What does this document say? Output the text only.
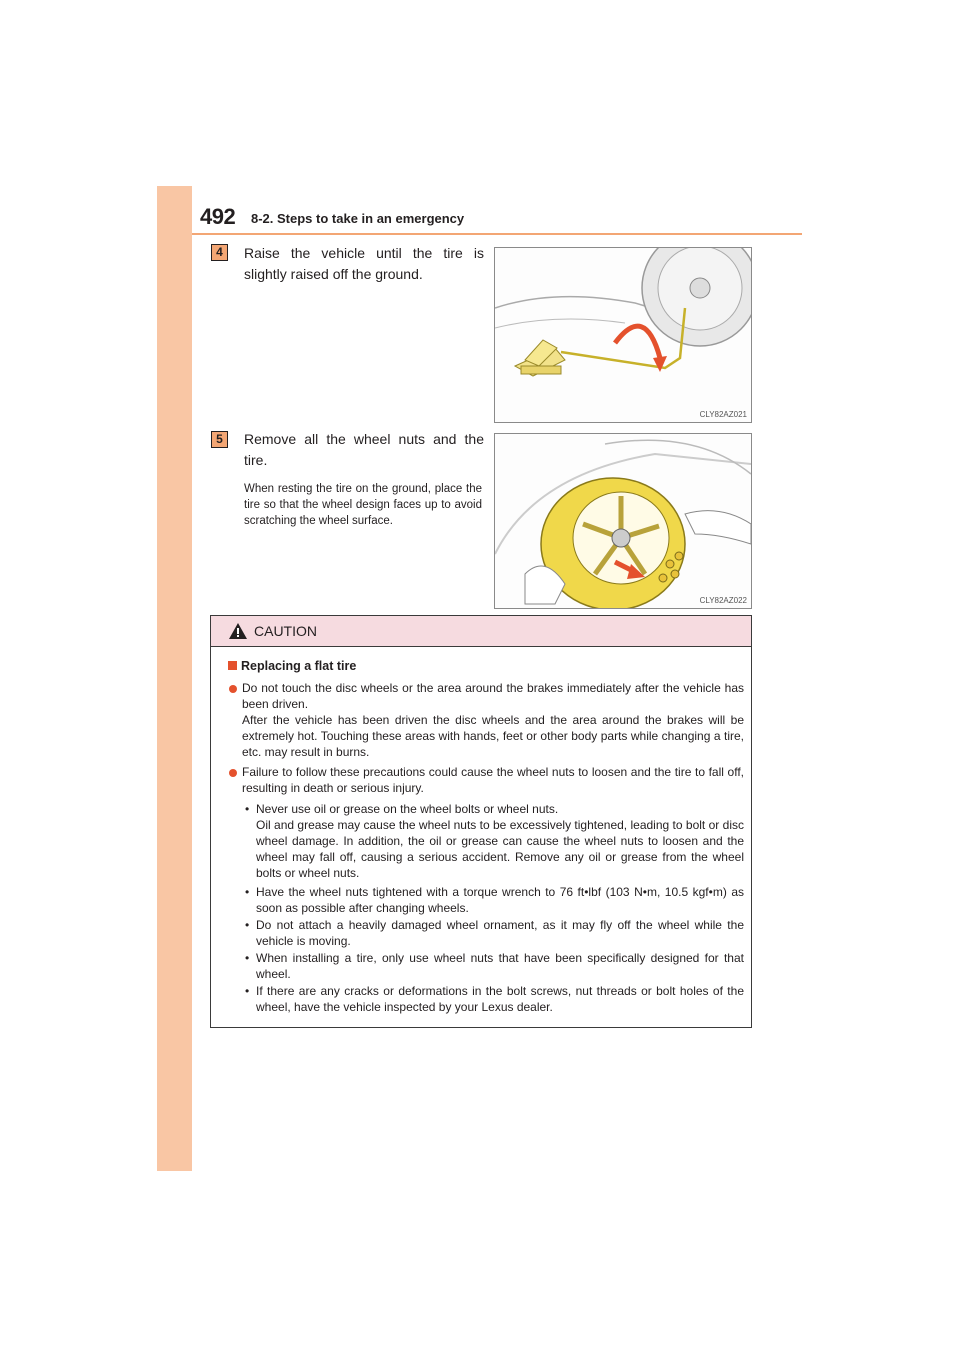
492 8-2. Steps to take in an emergency
4	Raise the vehicle until the tire is slightly raised off the ground.
CLY82AZ021
5	Remove all the wheel nuts and the tire.
When resting the tire on the ground, place the tire so that the wheel design faces up to avoid scratching the wheel surface.
CLY82AZ022
CAUTION
Replacing a flat tire
Do not touch the disc wheels or the area around the brakes immediately after the vehicle has been driven.
After the vehicle has been driven the disc wheels and the area around the brakes will be extremely hot. Touching these areas with hands, feet or other body parts while changing a tire, etc. may result in burns.
Failure to follow these precautions could cause the wheel nuts to loosen and the tire to fall off, resulting in death or serious injury.
• Never use oil or grease on the wheel bolts or wheel nuts.
Oil and grease may cause the wheel nuts to be excessively tightened, leading to bolt or disc wheel damage. In addition, the oil or grease can cause the wheel nuts to loosen and the wheel may fall off, causing a serious accident. Remove any oil or grease from the wheel bolts or wheel nuts.
• Have the wheel nuts tightened with a torque wrench to 76 ft•lbf (103 N•m, 10.5 kgf•m) as soon as possible after changing wheels.
• Do not attach a heavily damaged wheel ornament, as it may fly off the wheel while the vehicle is moving.
• When installing a tire, only use wheel nuts that have been specifically designed for that wheel.
• If there are any cracks or deformations in the bolt screws, nut threads or bolt holes of the wheel, have the vehicle inspected by your Lexus dealer.
